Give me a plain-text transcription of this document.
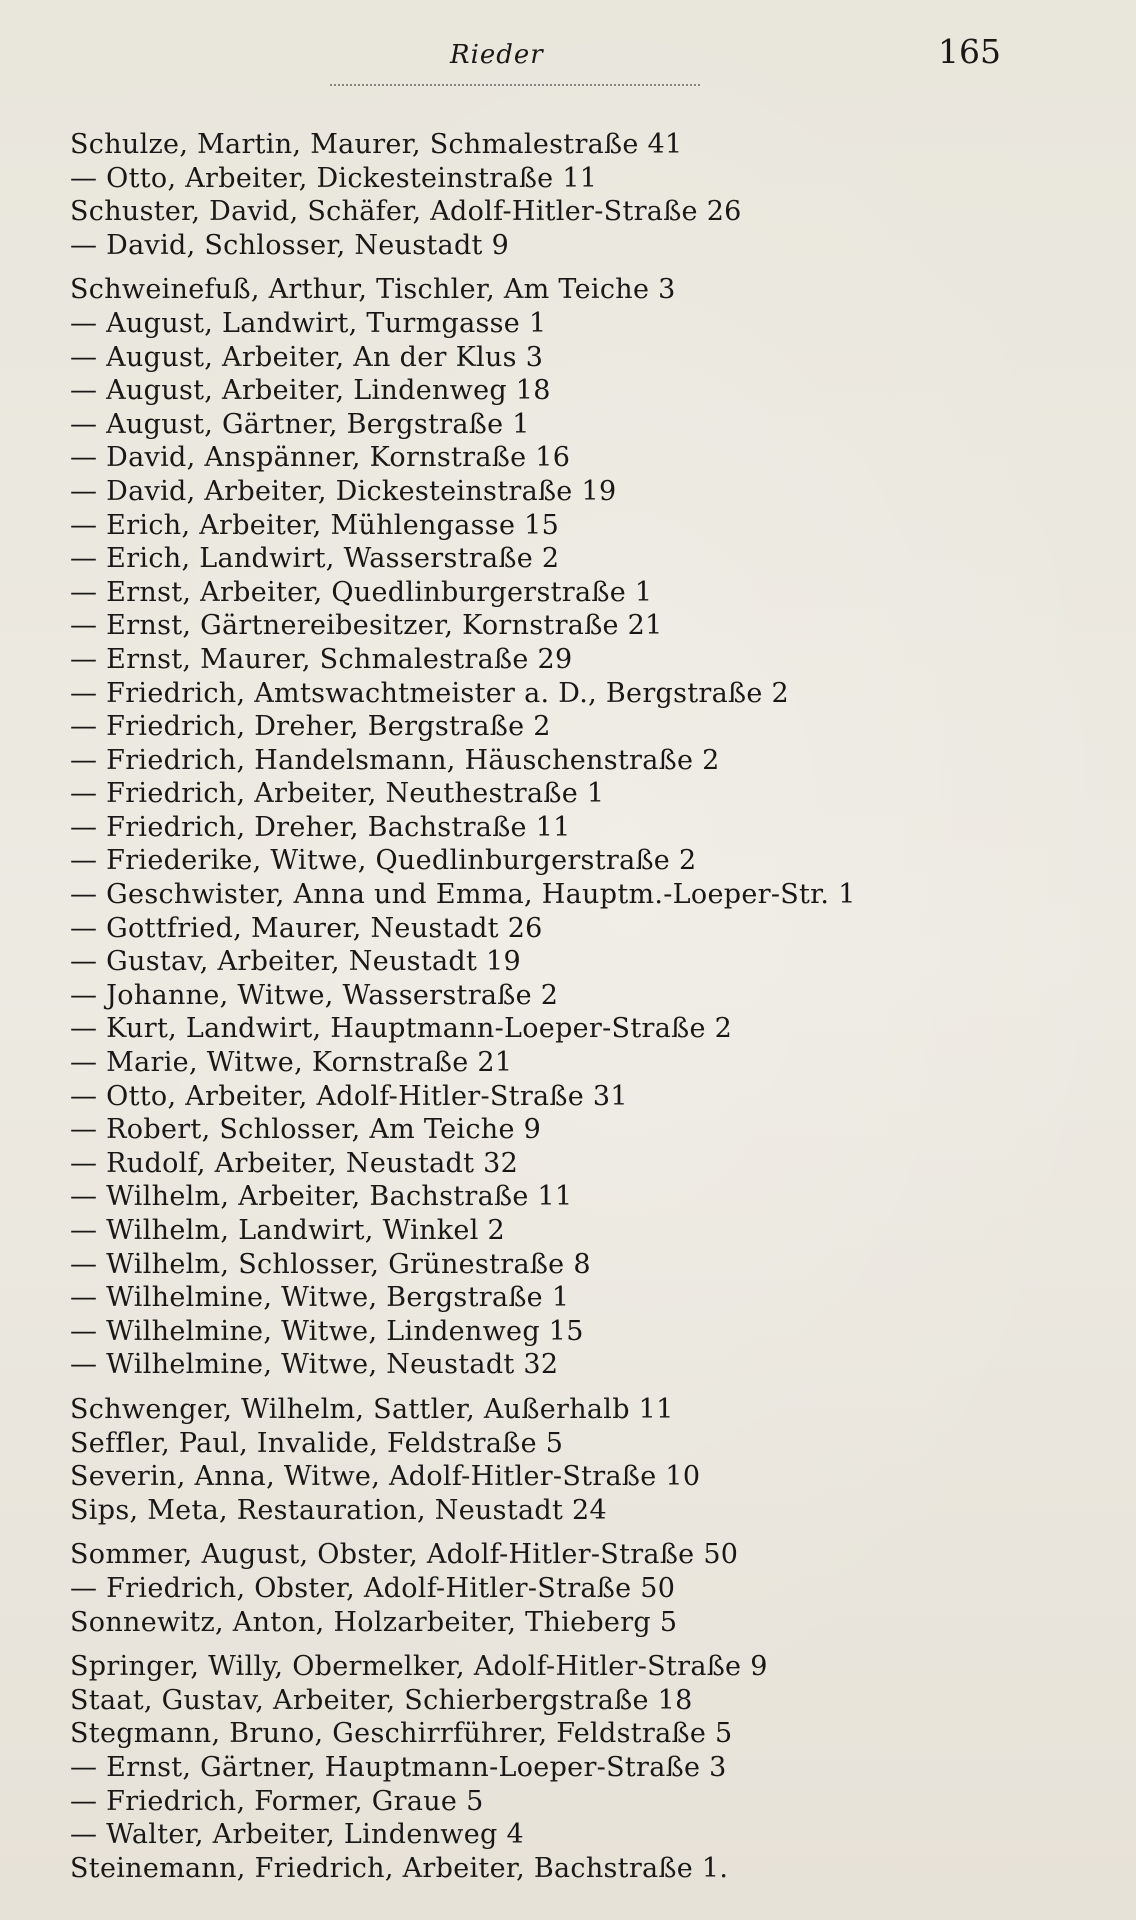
Rieder	165
Schulze, Martin, Maurer, Schmalestraße 41
— Otto, Arbeiter, Dickesteinstraße 11
Schuster, David, Schäfer, Adolf-Hitler-Straße 26
— David, Schlosser, Neustadt 9
Schweinefuß, Arthur, Tischler, Am Teiche 3
— August, Landwirt, Turmgasse 1
— August, Arbeiter, An der Klus 3
— August, Arbeiter, Lindenweg 18
— August, Gärtner, Bergstraße 1
— David, Anspänner, Kornstraße 16
— David, Arbeiter, Dickesteinstraße 19
— Erich, Arbeiter, Mühlengasse 15
— Erich, Landwirt, Wasserstraße 2
— Ernst, Arbeiter, Quedlinburgerstraße 1
— Ernst, Gärtnereibesitzer, Kornstraße 21
— Ernst, Maurer, Schmalestraße 29
— Friedrich, Amtswachtmeister a. D., Bergstraße 2
— Friedrich, Dreher, Bergstraße 2
— Friedrich, Handelsmann, Häuschenstraße 2
— Friedrich, Arbeiter, Neuthestraße 1
— Friedrich, Dreher, Bachstraße 11
— Friederike, Witwe, Quedlinburgerstraße 2
— Geschwister, Anna und Emma, Hauptm.-Loeper-Str. 1
— Gottfried, Maurer, Neustadt 26
— Gustav, Arbeiter, Neustadt 19
— Johanne, Witwe, Wasserstraße 2
— Kurt, Landwirt, Hauptmann-Loeper-Straße 2
— Marie, Witwe, Kornstraße 21
— Otto, Arbeiter, Adolf-Hitler-Straße 31
— Robert, Schlosser, Am Teiche 9
— Rudolf, Arbeiter, Neustadt 32
— Wilhelm, Arbeiter, Bachstraße 11
— Wilhelm, Landwirt, Winkel 2
— Wilhelm, Schlosser, Grünestraße 8
— Wilhelmine, Witwe, Bergstraße 1
— Wilhelmine, Witwe, Lindenweg 15
— Wilhelmine, Witwe, Neustadt 32
Schwenger, Wilhelm, Sattler, Außerhalb 11
Seffler, Paul, Invalide, Feldstraße 5
Severin, Anna, Witwe, Adolf-Hitler-Straße 10
Sips, Meta, Restauration, Neustadt 24
Sommer, August, Obster, Adolf-Hitler-Straße 50
— Friedrich, Obster, Adolf-Hitler-Straße 50
Sonnewitz, Anton, Holzarbeiter, Thieberg 5
Springer, Willy, Obermelker, Adolf-Hitler-Straße 9
Staat, Gustav, Arbeiter, Schierbergstraße 18
Stegmann, Bruno, Geschirrführer, Feldstraße 5
— Ernst, Gärtner, Hauptmann-Loeper-Straße 3
— Friedrich, Former, Graue 5
— Walter, Arbeiter, Lindenweg 4
Steinemann, Friedrich, Arbeiter, Bachstraße 1.
